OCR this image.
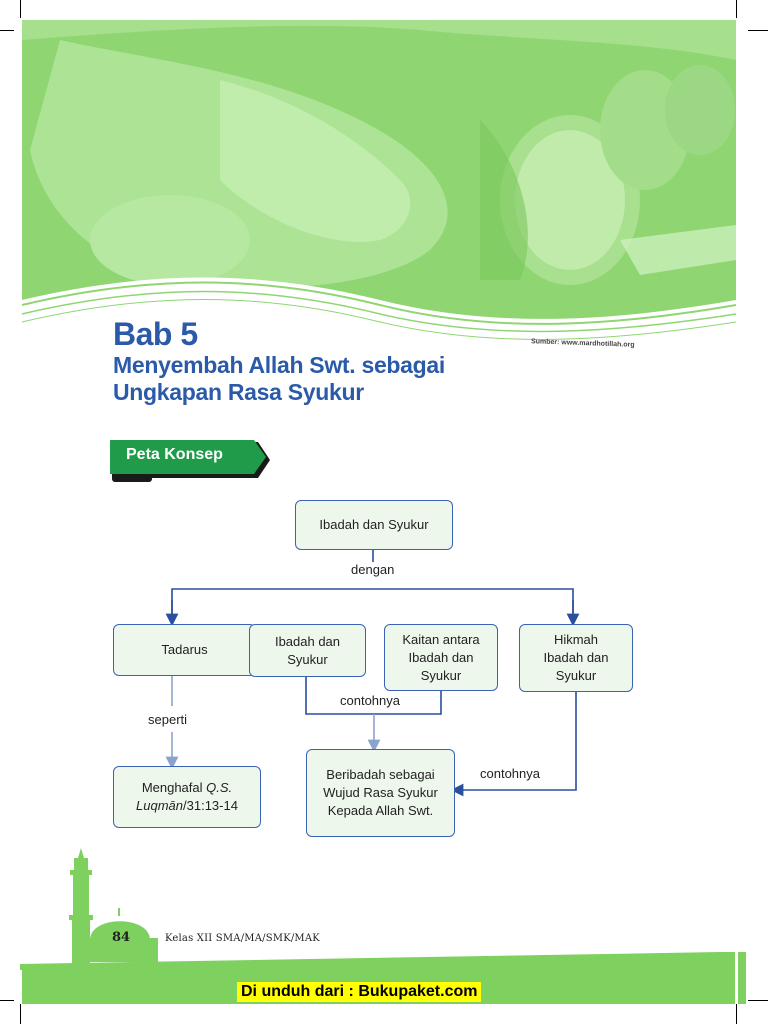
Bab 5
Menyembah Allah Swt. sebagai
Ungkapan Rasa Syukur
Sumber: www.mardhotillah.org
Peta Konsep
Ibadah dan Syukur
dengan
Tadarus
Ibadah dan
Syukur
Kaitan antara
Ibadah dan
Syukur
Hikmah
Ibadah dan
Syukur
seperti
contohnya
contohnya
Menghafal Q.S.
Luqmān/31:13-14
Beribadah sebagai
Wujud Rasa Syukur
Kepada Allah Swt.
84	Kelas XII SMA/MA/SMK/MAK
Di unduh dari : Bukupaket.com
